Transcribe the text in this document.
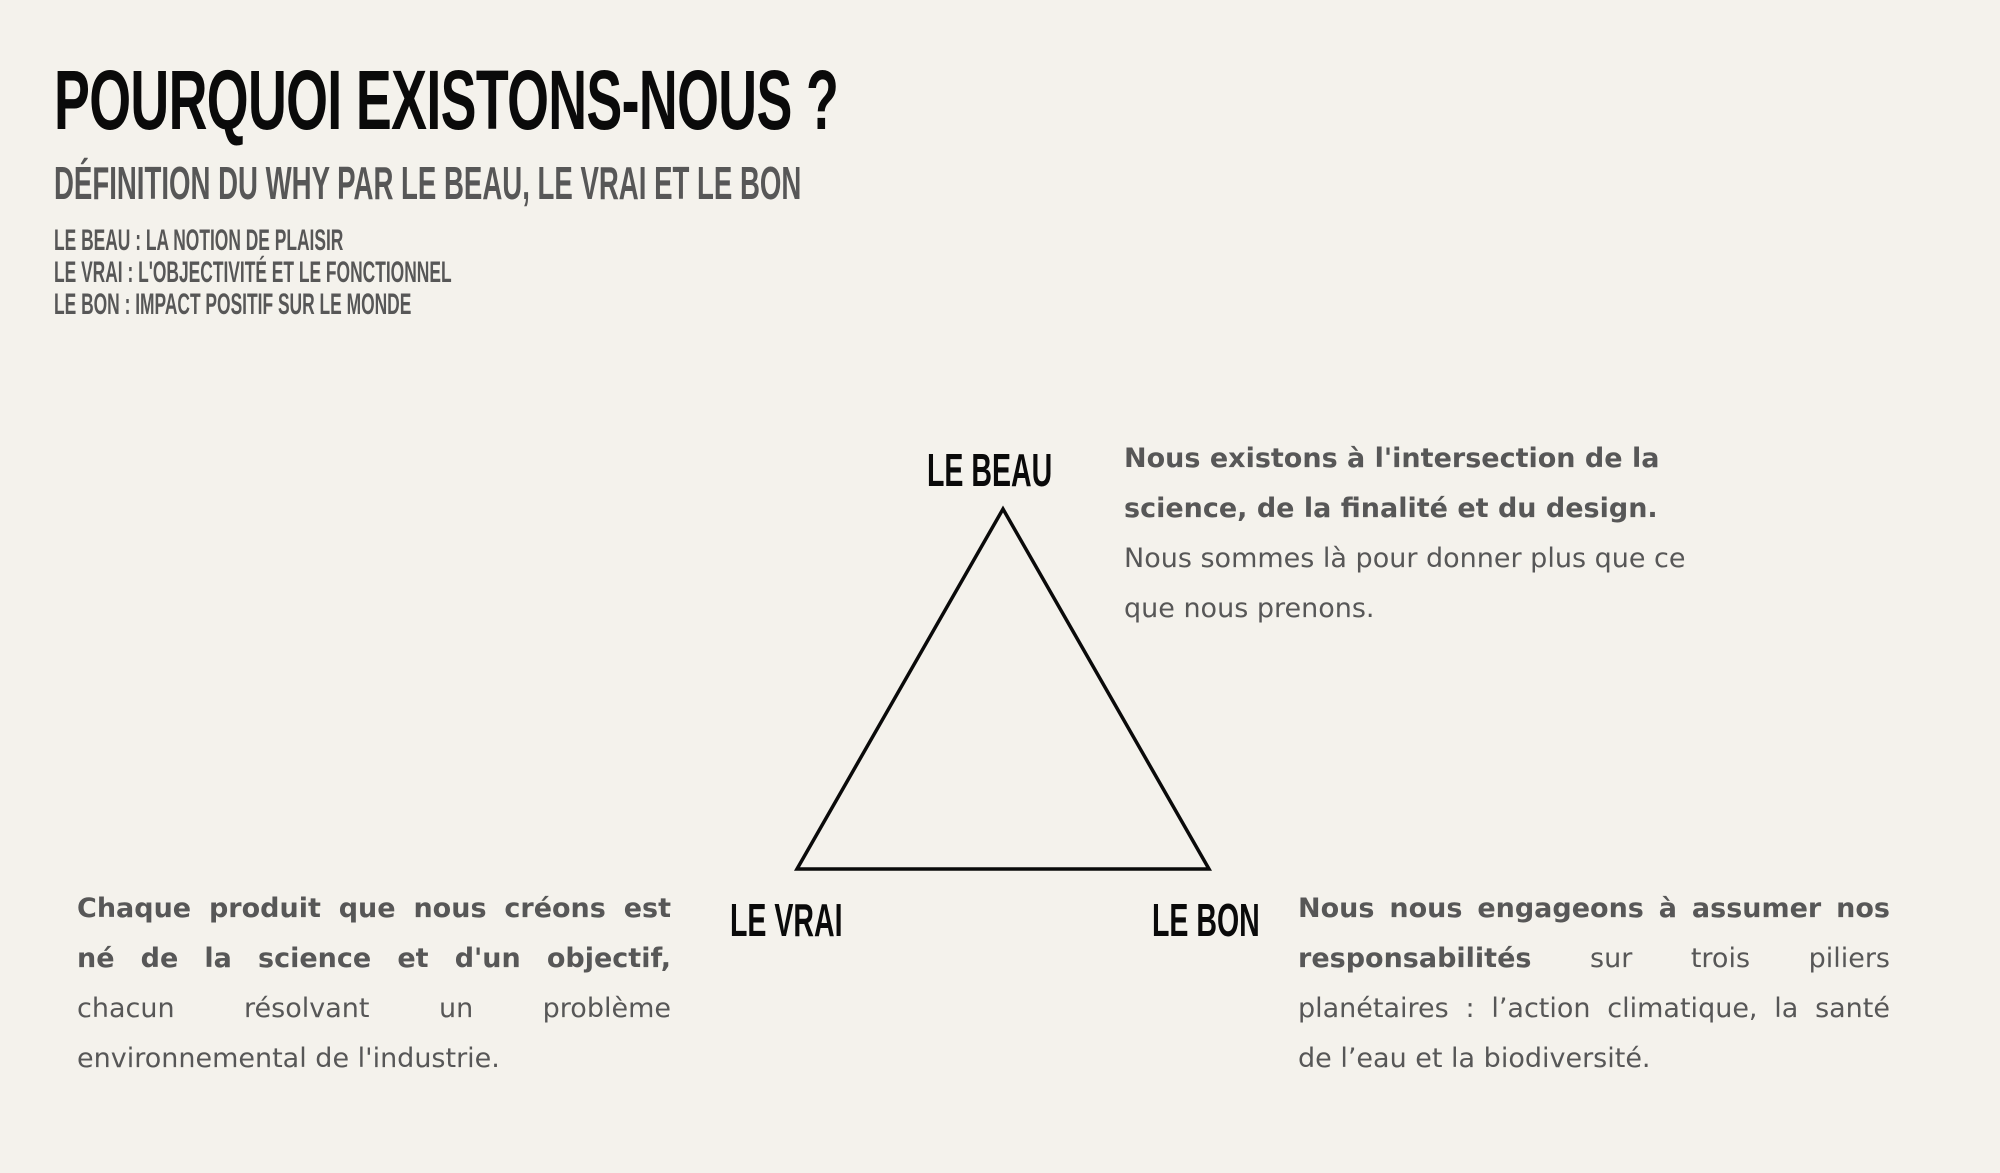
POURQUOI EXISTONS-NOUS ?
DÉFINITION DU WHY PAR LE BEAU, LE VRAI ET LE BON
LE BEAU : LA NOTION DE PLAISIR
LE VRAI : L'OBJECTIVITÉ ET LE FONCTIONNEL
LE BON : IMPACT POSITIF SUR LE MONDE
LE BEAU
LE VRAI	LE BON

Nous existons à l'intersection de la science, de la finalité et du design. Nous sommes là pour donner plus que ce que nous prenons.

Chaque produit que nous créons est né de la science et d'un objectif, chacun résolvant un problème environnemental de l'industrie.

Nous nous engageons à assumer nos responsabilités sur trois piliers planétaires : l’action climatique, la santé de l’eau et la biodiversité.
